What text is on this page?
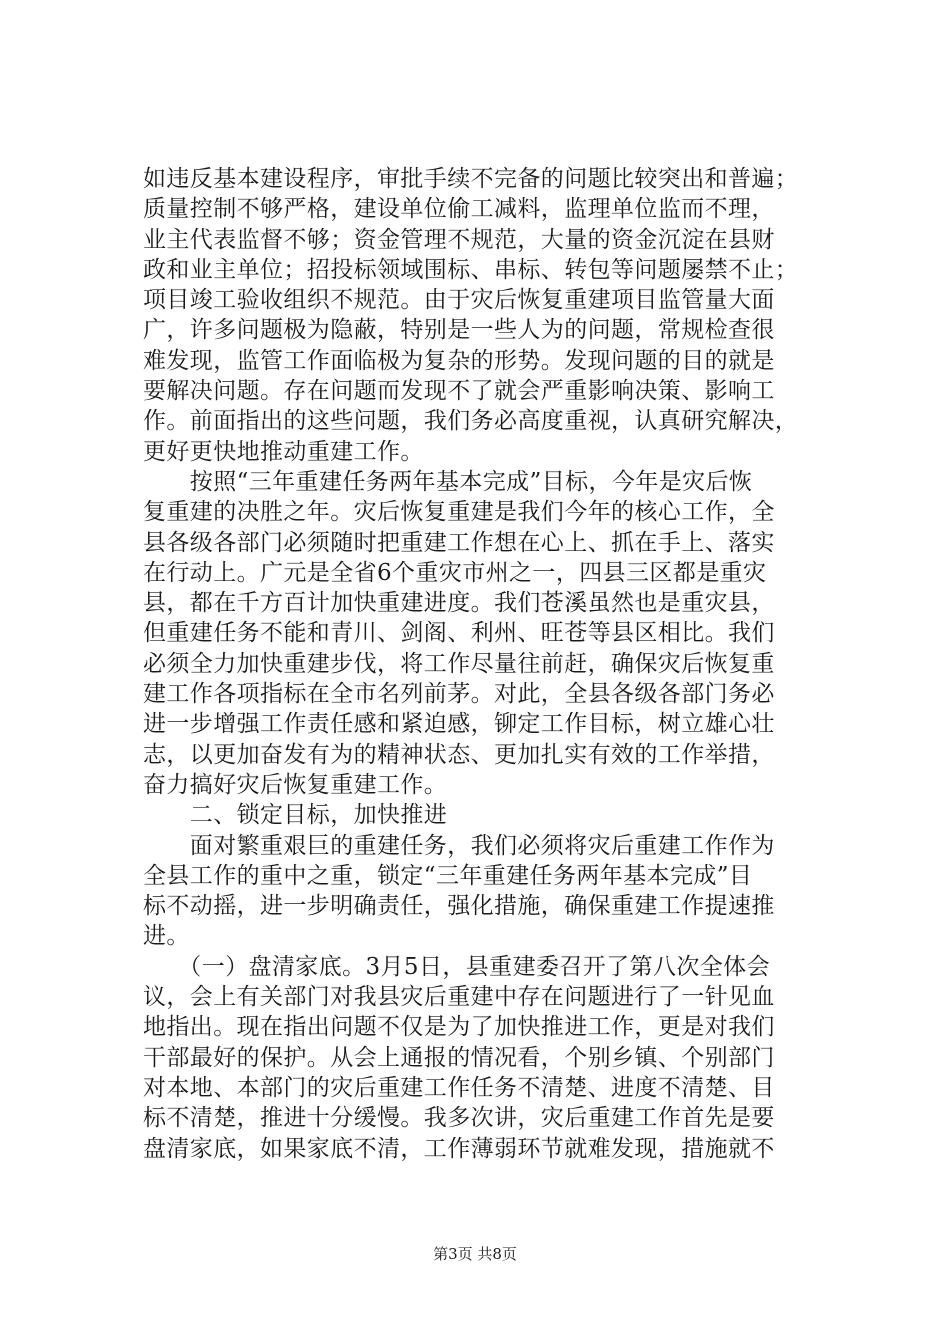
如违反基本建设程序，审批手续不完备的问题比较突出和普遍；
质量控制不够严格，建设单位偷工减料，监理单位监而不理，
业主代表监督不够；资金管理不规范，大量的资金沉淀在县财
政和业主单位；招投标领域围标、串标、转包等问题屡禁不止；
项目竣工验收组织不规范。由于灾后恢复重建项目监管量大面
广，许多问题极为隐蔽，特别是一些人为的问题，常规检查很
难发现，监管工作面临极为复杂的形势。发现问题的目的就是
要解决问题。存在问题而发现不了就会严重影响决策、影响工
作。前面指出的这些问题，我们务必高度重视，认真研究解决，
更好更快地推动重建工作。
　　按照“三年重建任务两年基本完成”目标，今年是灾后恢
复重建的决胜之年。灾后恢复重建是我们今年的核心工作，全
县各级各部门必须随时把重建工作想在心上、抓在手上、落实
在行动上。广元是全省6个重灾市州之一，四县三区都是重灾
县，都在千方百计加快重建进度。我们苍溪虽然也是重灾县，
但重建任务不能和青川、剑阁、利州、旺苍等县区相比。我们
必须全力加快重建步伐，将工作尽量往前赶，确保灾后恢复重
建工作各项指标在全市名列前茅。对此，全县各级各部门务必
进一步增强工作责任感和紧迫感，铆定工作目标，树立雄心壮
志，以更加奋发有为的精神状态、更加扎实有效的工作举措，
奋力搞好灾后恢复重建工作。
　　二、锁定目标，加快推进
　　面对繁重艰巨的重建任务，我们必须将灾后重建工作作为
全县工作的重中之重，锁定“三年重建任务两年基本完成”目
标不动摇，进一步明确责任，强化措施，确保重建工作提速推
进。
　　（一）盘清家底。3月5日，县重建委召开了第八次全体会
议，会上有关部门对我县灾后重建中存在问题进行了一针见血
地指出。现在指出问题不仅是为了加快推进工作，更是对我们
干部最好的保护。从会上通报的情况看，个别乡镇、个别部门
对本地、本部门的灾后重建工作任务不清楚、进度不清楚、目
标不清楚，推进十分缓慢。我多次讲，灾后重建工作首先是要
盘清家底，如果家底不清，工作薄弱环节就难发现，措施就不
第3页 共8页
